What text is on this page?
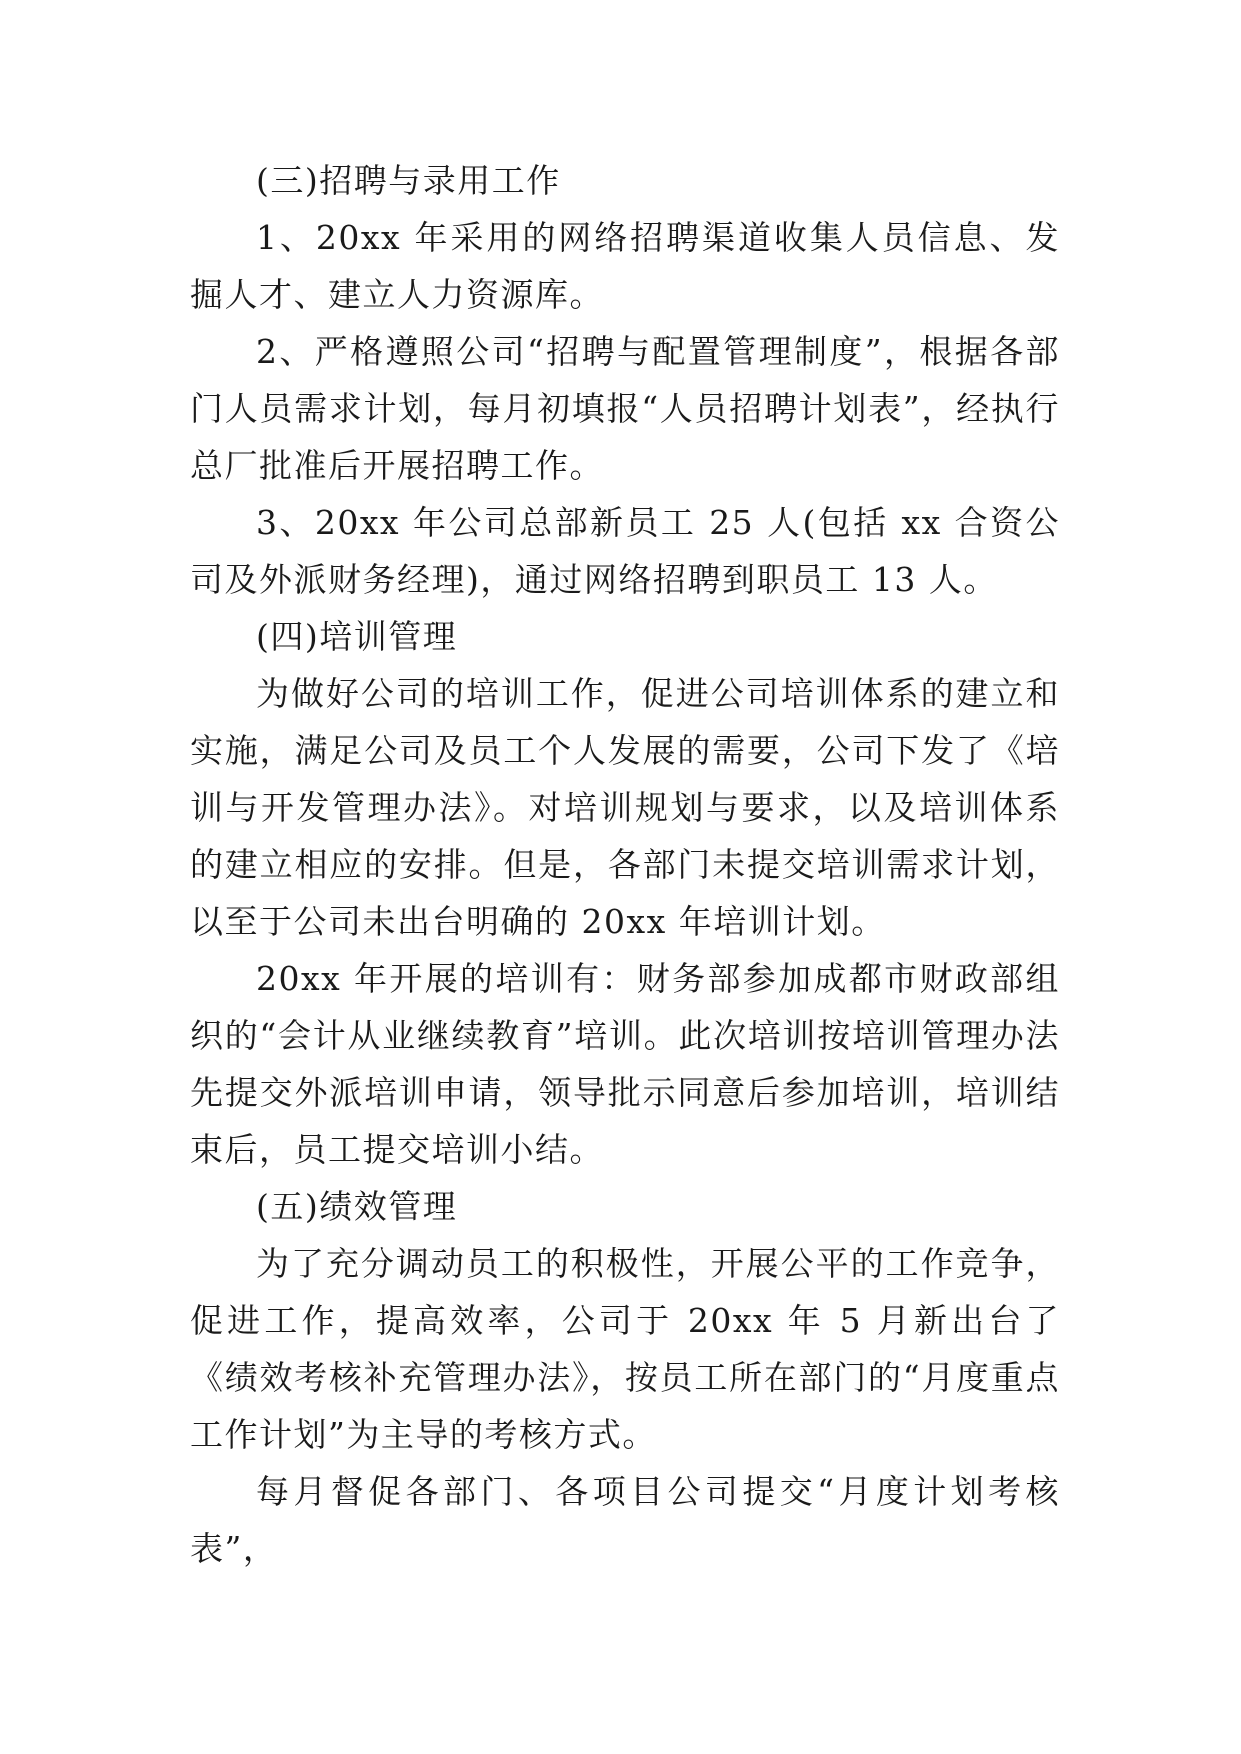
(三)招聘与录用工作

1、20xx 年采用的网络招聘渠道收集人员信息、发掘人才、建立人力资源库。

2、严格遵照公司“招聘与配置管理制度”，根据各部门人员需求计划，每月初填报“人员招聘计划表”，经执行总厂批准后开展招聘工作。

3、20xx 年公司总部新员工 25 人(包括 xx 合资公司及外派财务经理)，通过网络招聘到职员工 13 人。

(四)培训管理

为做好公司的培训工作，促进公司培训体系的建立和实施，满足公司及员工个人发展的需要，公司下发了《培训与开发管理办法》。对培训规划与要求，以及培训体系的建立相应的安排。但是，各部门未提交培训需求计划，以至于公司未出台明确的 20xx 年培训计划。

20xx 年开展的培训有：财务部参加成都市财政部组织的“会计从业继续教育”培训。此次培训按培训管理办法先提交外派培训申请，领导批示同意后参加培训，培训结束后，员工提交培训小结。

(五)绩效管理

为了充分调动员工的积极性，开展公平的工作竞争，促进工作，提高效率，公司于 20xx 年 5 月新出台了《绩效考核补充管理办法》，按员工所在部门的“月度重点工作计划”为主导的考核方式。

每月督促各部门、各项目公司提交“月度计划考核表”，
